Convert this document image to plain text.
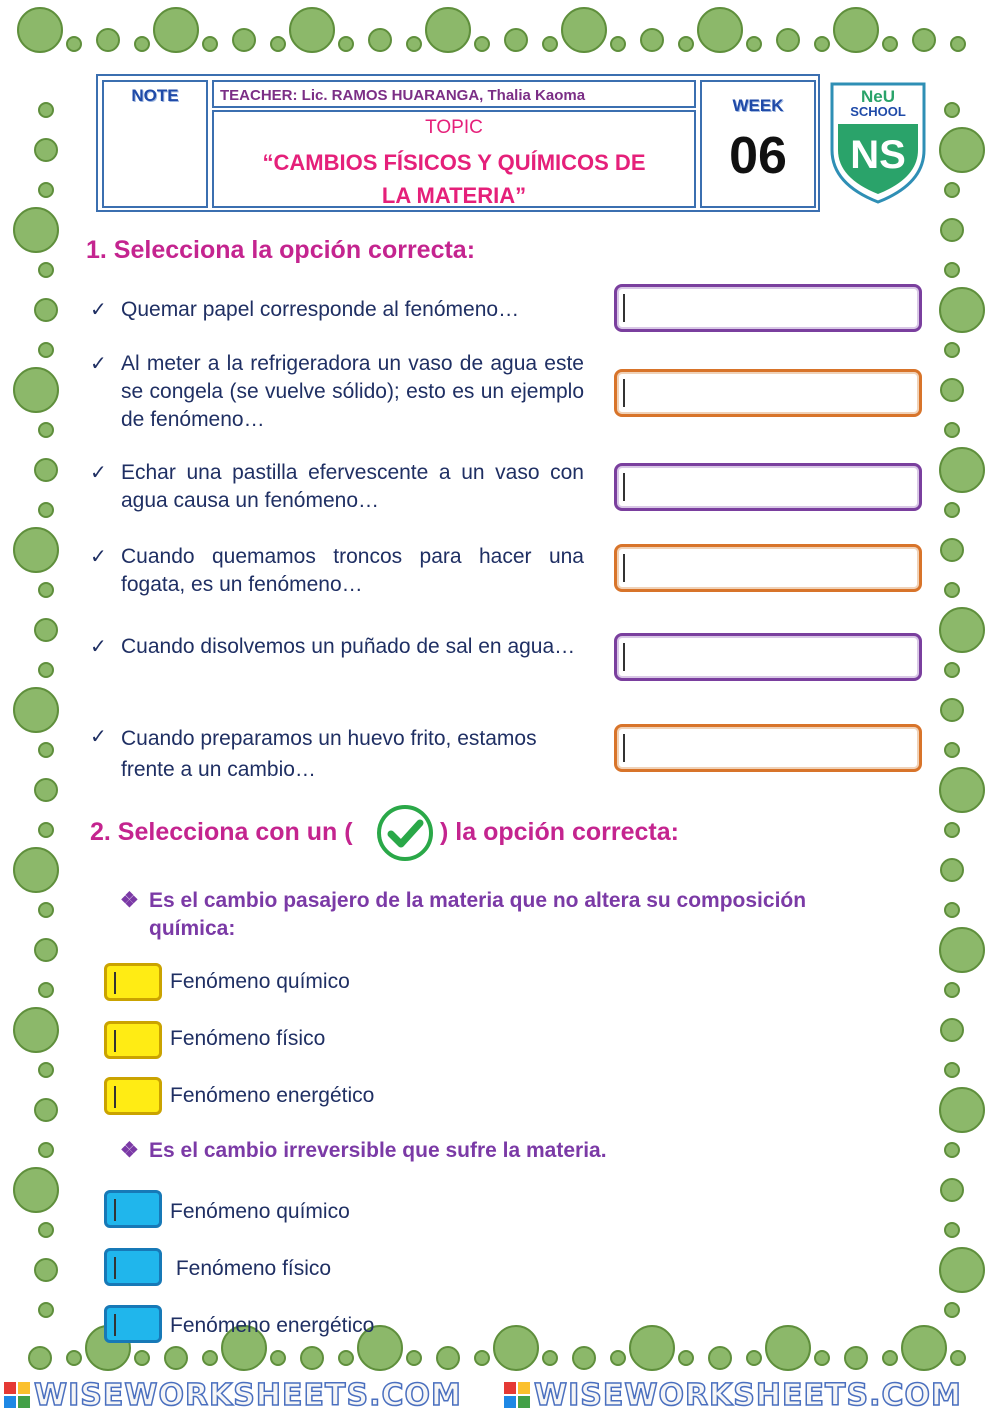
NOTE	TEACHER: Lic. RAMOS HUARANGA, Thalia Kaoma
TOPIC
“CAMBIOS FÍSICOS Y QUÍMICOS DE
LA MATERIA”
WEEK
06
NeU
SCHOOL
NS
1. Selecciona la opción correcta:
✓ Quemar papel corresponde al fenómeno…
✓ Al meter a la refrigeradora un vaso de agua este se congela (se vuelve sólido); esto es un ejemplo de fenómeno…
✓ Echar una pastilla efervescente a un vaso con agua causa un fenómeno…
✓ Cuando quemamos troncos para hacer una fogata, es un fenómeno…
✓ Cuando disolvemos un puñado de sal en agua…
✓ Cuando preparamos un huevo frito, estamos frente a un cambio…
2. Selecciona con un (	) la opción correcta:
❖ Es el cambio pasajero de la materia que no altera su composición química:
Fenómeno químico
Fenómeno físico
Fenómeno energético
❖ Es el cambio irreversible que sufre la materia.
Fenómeno químico
Fenómeno físico
Fenómeno energético
WISEWORKSHEETS.COM WISEWORKSHEETS.COM
